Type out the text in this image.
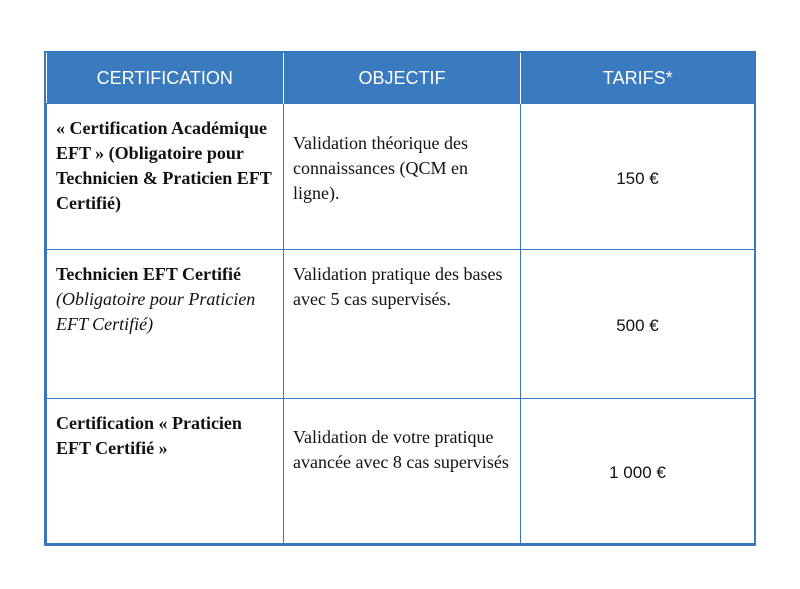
CERTIFICATION	OBJECTIF	TARIFS*
« Certification Académique EFT » (Obligatoire pour Technicien & Praticien EFT Certifié)	Validation théorique des connaissances (QCM en ligne).	150 €
Technicien EFT Certifié  (Obligatoire pour Praticien EFT Certifié)	Validation pratique des bases avec 5 cas supervisés.	500 €
Certification « Praticien EFT Certifié »	Validation de votre pratique avancée avec 8 cas supervisés	1 000 €
